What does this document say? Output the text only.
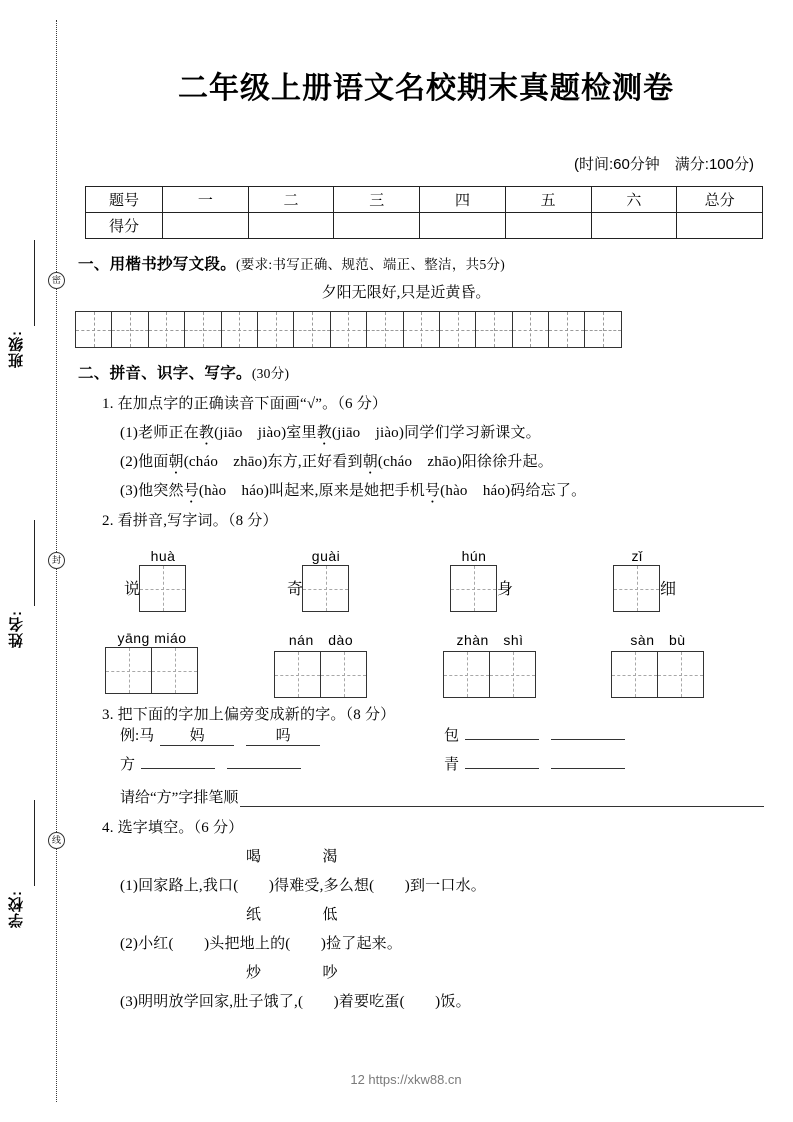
密
封
线
班级:
姓名:
学校:
二年级上册语文名校期末真题检测卷
(时间:60分钟　满分:100分)
题号	一	二	三	四	五	六	总分
得分							
一、用楷书抄写文段。(要求:书写正确、规范、端正、整洁，共5分)
夕阳无限好,只是近黄昏。
二、拼音、识字、写字。(30分)
1. 在加点字的正确读音下面画“√”。（6 分）
(1)老师正在教(jiāo　jiào)室里教(jiāo　jiào)同学们学习新课文。
(2)他面朝(cháo　zhāo)东方,正好看到朝(cháo　zhāo)阳徐徐升起。
(3)他突然号(hào　háo)叫起来,原来是她把手机号(hào　háo)码给忘了。
2. 看拼音,写字词。（8 分）
说
huà
奇
guài	hún
身
zǐ
细
yāng miáo	nán　dào	zhàn　shì	sàn　bù
3. 把下面的字加上偏旁变成新的字。（8 分）
例:马 妈	吗	包
方	青
请给“方”字排笔顺
4. 选字填空。（6 分）
喝　　　　渴
(1)回家路上,我口(　　)得难受,多么想(　　)到一口水。
纸　　　　低
(2)小红(　　)头把地上的(　　)捡了起来。
炒　　　　吵
(3)明明放学回家,肚子饿了,(　　)着要吃蛋(　　)饭。
12 https://xkw88.cn
